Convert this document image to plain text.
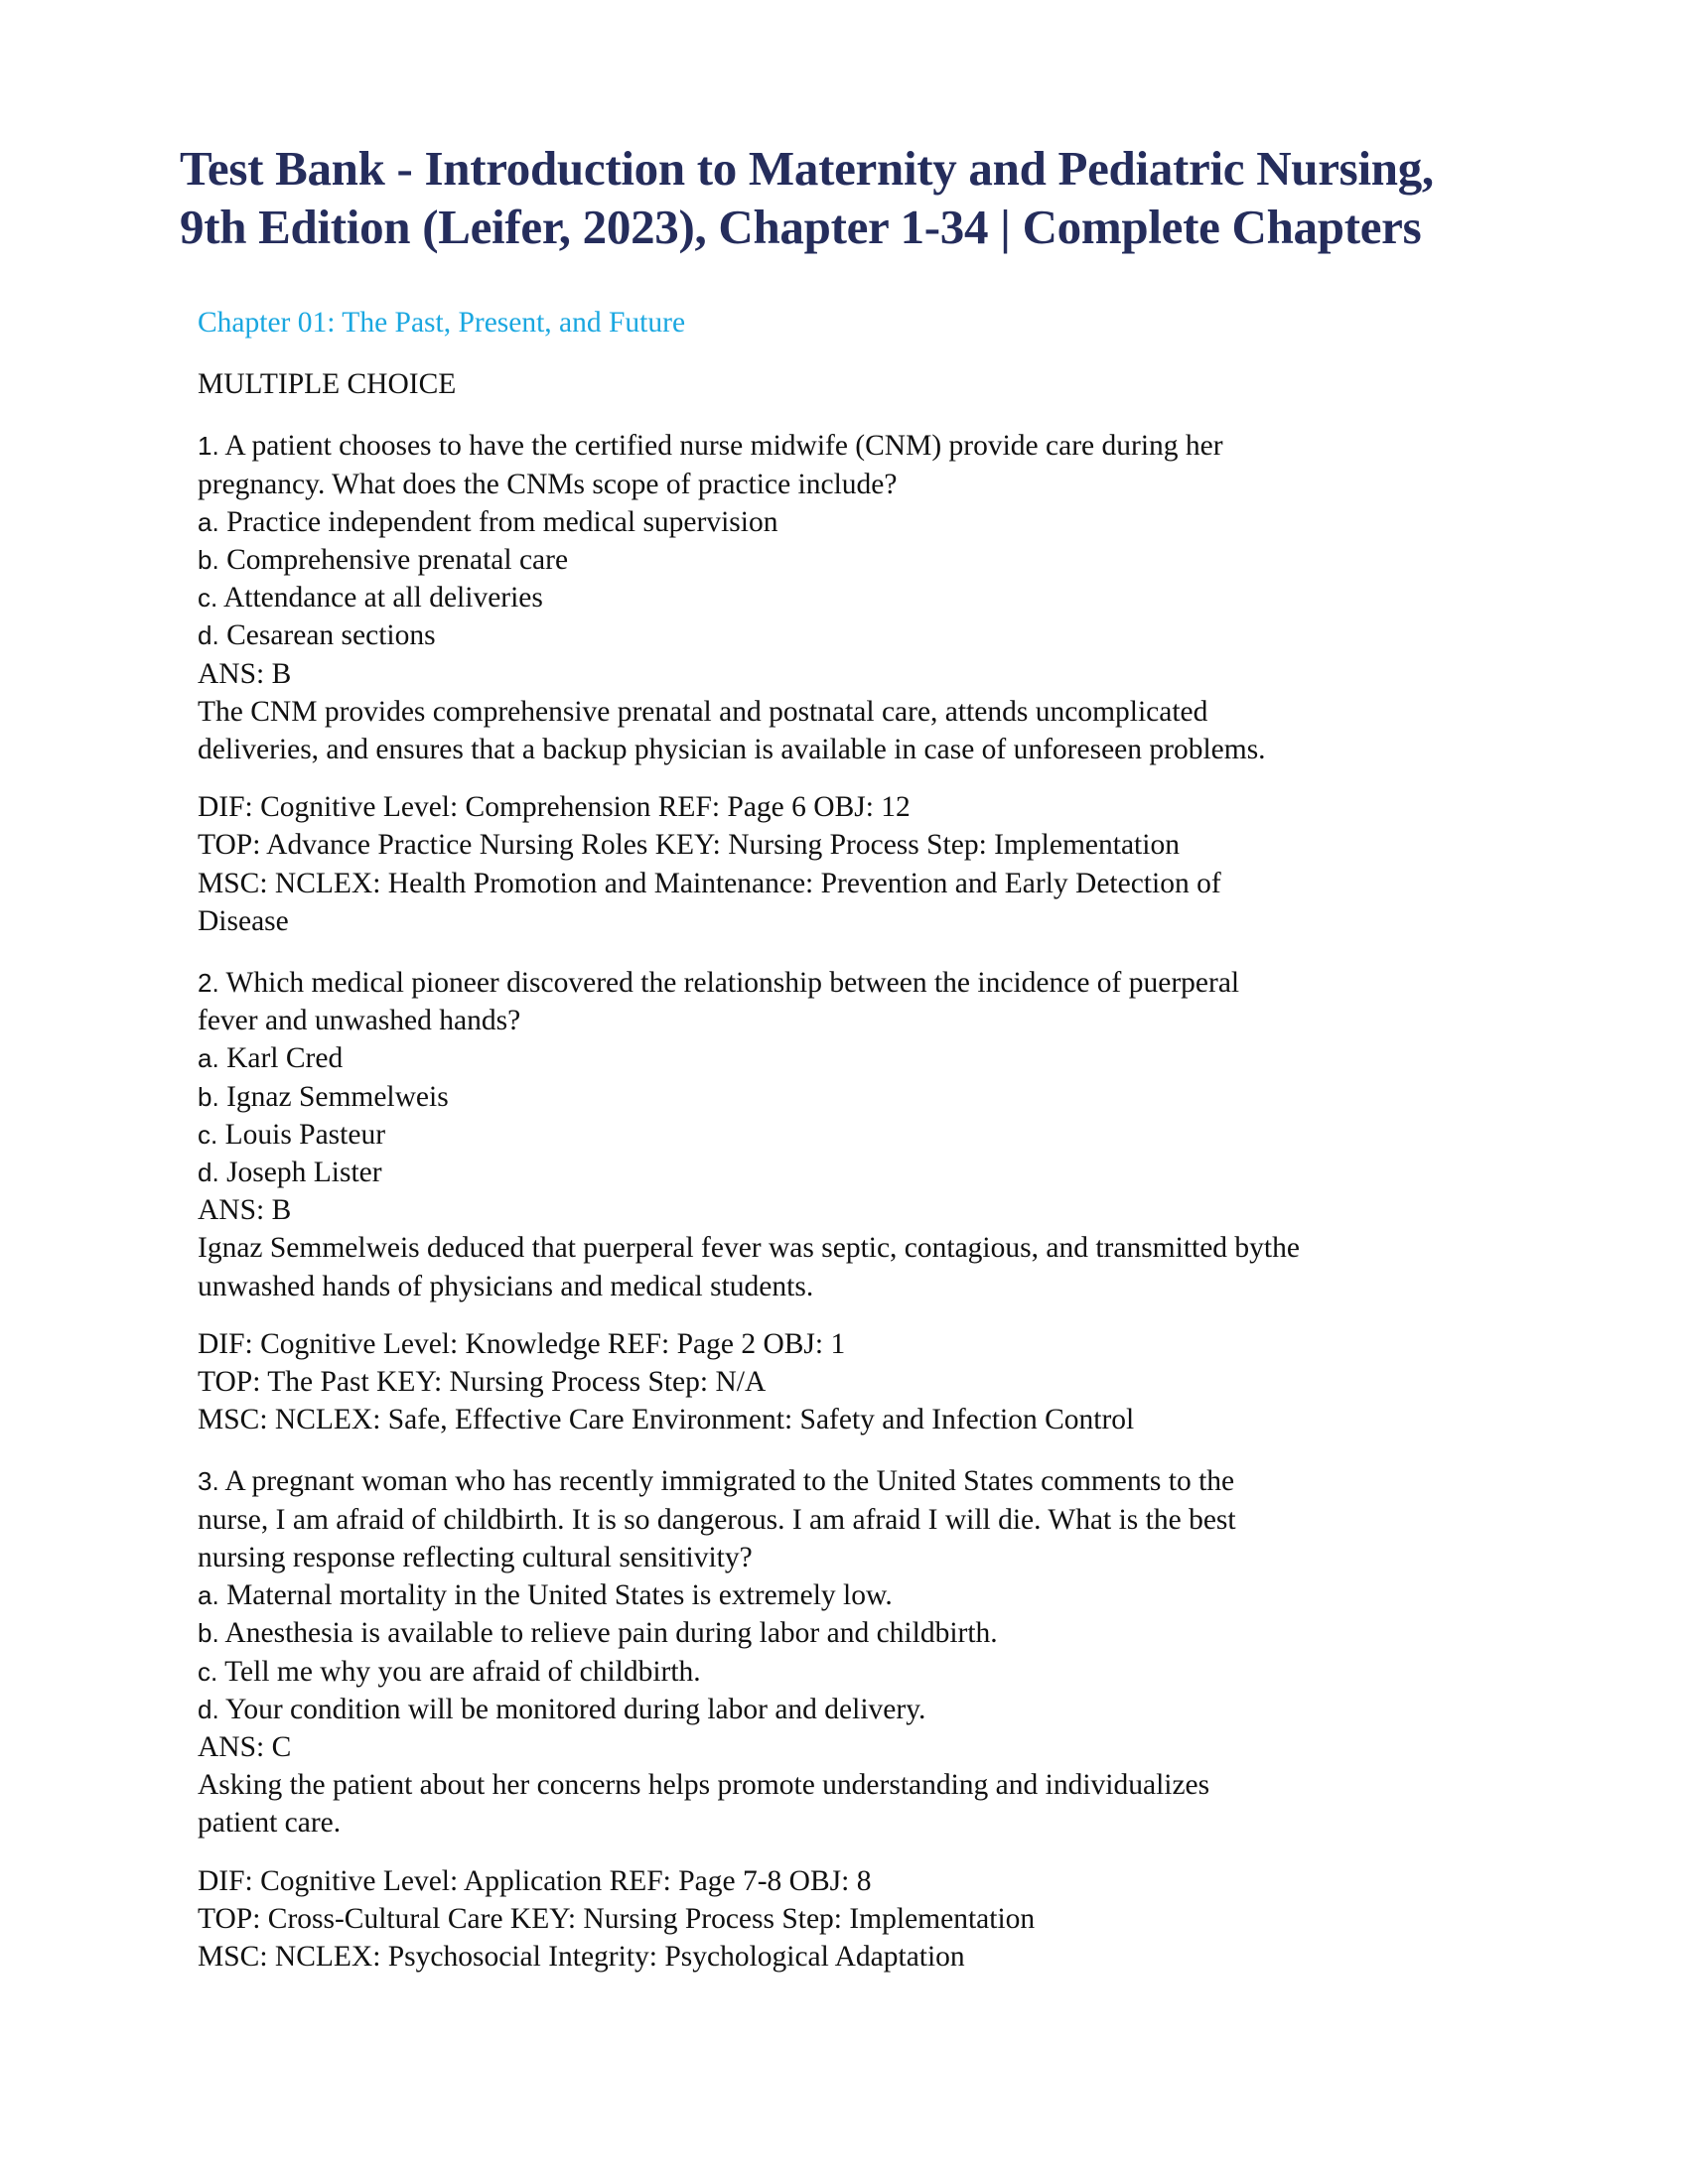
Test Bank - Introduction to Maternity and Pediatric Nursing,
9th Edition (Leifer, 2023), Chapter 1-34 | Complete Chapters
Chapter 01: The Past, Present, and Future
MULTIPLE CHOICE
1. A patient chooses to have the certified nurse midwife (CNM) provide care during her
pregnancy. What does the CNMs scope of practice include?
a. Practice independent from medical supervision
b. Comprehensive prenatal care
c. Attendance at all deliveries
d. Cesarean sections
ANS: B
The CNM provides comprehensive prenatal and postnatal care, attends uncomplicated
deliveries, and ensures that a backup physician is available in case of unforeseen problems.
DIF: Cognitive Level: Comprehension REF: Page 6 OBJ: 12
TOP: Advance Practice Nursing Roles KEY: Nursing Process Step: Implementation
MSC: NCLEX: Health Promotion and Maintenance: Prevention and Early Detection of
Disease
2. Which medical pioneer discovered the relationship between the incidence of puerperal
fever and unwashed hands?
a. Karl Cred
b. Ignaz Semmelweis
c. Louis Pasteur
d. Joseph Lister
ANS: B
Ignaz Semmelweis deduced that puerperal fever was septic, contagious, and transmitted bythe
unwashed hands of physicians and medical students.
DIF: Cognitive Level: Knowledge REF: Page 2 OBJ: 1
TOP: The Past KEY: Nursing Process Step: N/A
MSC: NCLEX: Safe, Effective Care Environment: Safety and Infection Control
3. A pregnant woman who has recently immigrated to the United States comments to the
nurse, I am afraid of childbirth. It is so dangerous. I am afraid I will die. What is the best
nursing response reflecting cultural sensitivity?
a. Maternal mortality in the United States is extremely low.
b. Anesthesia is available to relieve pain during labor and childbirth.
c. Tell me why you are afraid of childbirth.
d. Your condition will be monitored during labor and delivery.
ANS: C
Asking the patient about her concerns helps promote understanding and individualizes
patient care.
DIF: Cognitive Level: Application REF: Page 7-8 OBJ: 8
TOP: Cross-Cultural Care KEY: Nursing Process Step: Implementation
MSC: NCLEX: Psychosocial Integrity: Psychological Adaptation
